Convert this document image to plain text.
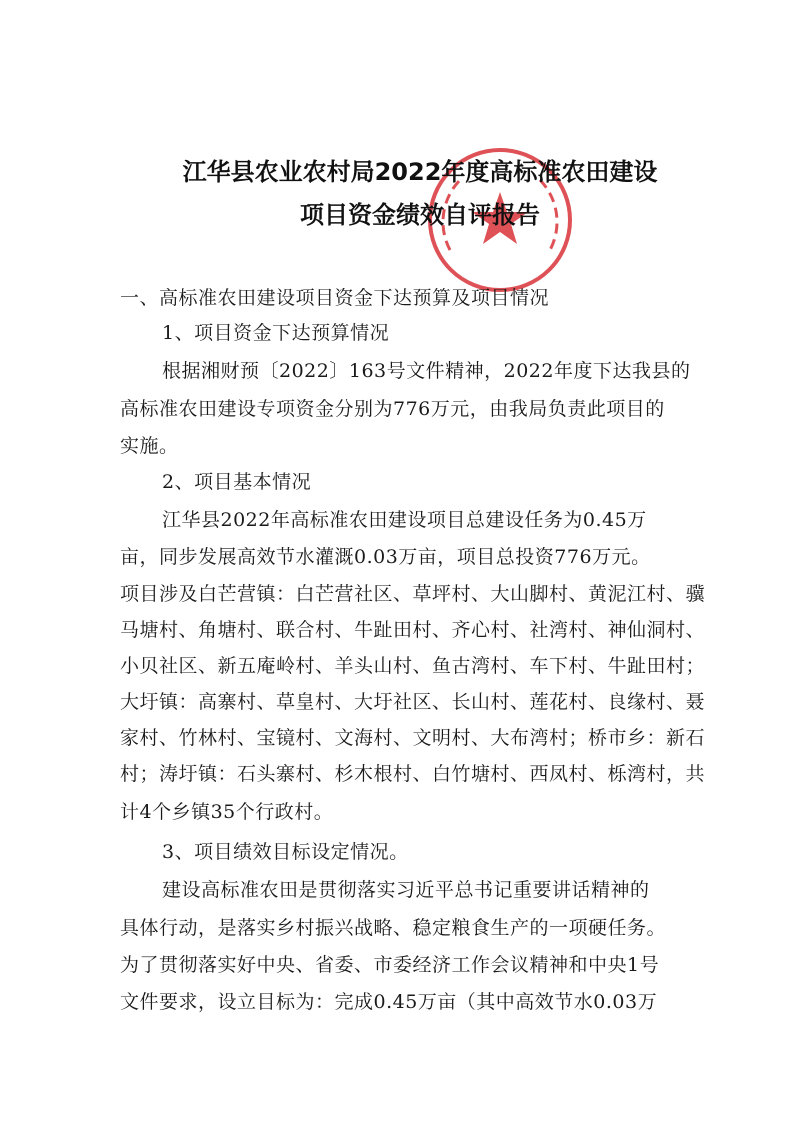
江华县农业农村局2022年度高标准农田建设
项目资金绩效自评报告
一、高标准农田建设项目资金下达预算及项目情况
1、项目资金下达预算情况
根据湘财预〔2022〕163号文件精神，2022年度下达我县的
高标准农田建设专项资金分别为776万元，由我局负责此项目的
实施。
2、项目基本情况
江华县2022年高标准农田建设项目总建设任务为0.45万
亩，同步发展高效节水灌溉0.03万亩，项目总投资776万元。
项目涉及白芒营镇：白芒营社区、草坪村、大山脚村、黄泥江村、骥
马塘村、角塘村、联合村、牛趾田村、齐心村、社湾村、神仙洞村、
小贝社区、新五庵岭村、羊头山村、鱼古湾村、车下村、牛趾田村；
大圩镇：高寨村、草皇村、大圩社区、长山村、莲花村、良缘村、聂
家村、竹林村、宝镜村、文海村、文明村、大布湾村；桥市乡：新石
村；涛圩镇：石头寨村、杉木根村、白竹塘村、西凤村、栎湾村，共
计4个乡镇35个行政村。
3、项目绩效目标设定情况。
建设高标准农田是贯彻落实习近平总书记重要讲话精神的
具体行动，是落实乡村振兴战略、稳定粮食生产的一项硬任务。
为了贯彻落实好中央、省委、市委经济工作会议精神和中央1号
文件要求，设立目标为：完成0.45万亩（其中高效节水0.03万
